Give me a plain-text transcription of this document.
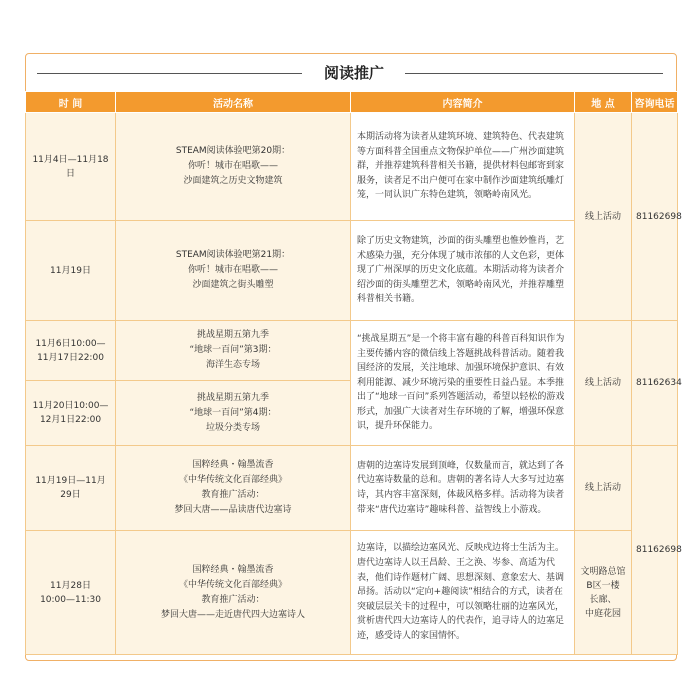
阅读推广
时 间	活动名称	内容简介	地 点	咨询电话

11月4日—11月18日	STEAM阅读体验吧第20期：
你听！城市在唱歌——
沙面建筑之历史文物建筑	本期活动将为读者从建筑环境、建筑特色、代表建筑等方面科普全国重点文物保护单位——广州沙面建筑群，并推荐建筑科普相关书籍，提供材料包邮寄到家服务，读者足不出户便可在家中制作沙面建筑纸雕灯笼，一同认识广东特色建筑，领略岭南风光。	线上活动	81162698

11月19日	STEAM阅读体验吧第21期：
你听！城市在唱歌——
沙面建筑之街头雕塑	除了历史文物建筑，沙面的街头雕塑也惟妙惟肖，艺术感染力强，充分体现了城市浓郁的人文色彩，更体现了广州深厚的历史文化底蕴。本期活动将为读者介绍沙面的街头雕塑艺术，领略岭南风光，并推荐雕塑科普相关书籍。		

11月6日10:00—
11月17日22:00	挑战星期五第九季
“地球一百问”第3期：
海洋生态专场	“挑战星期五”是一个将丰富有趣的科普百科知识作为主要传播内容的微信线上答题挑战科普活动。随着我国经济的发展，关注地球、加强环境保护意识、有效利用能源、减少环境污染的重要性日益凸显。本季推出了“地球一百问”系列答题活动，希望以轻松的游戏形式，加强广大读者对生存环境的了解，增强环保意识，提升环保能力。	线上活动	81162634

11月20日10:00—
12月1日22:00	挑战星期五第九季
“地球一百问”第4期：
垃圾分类专场			

11月19日—11月29日	国粹经典・翰墨流香
《中华传统文化百部经典》
教育推广活动：
梦回大唐——品读唐代边塞诗	唐朝的边塞诗发展到顶峰，仅数量而言，就达到了各代边塞诗数量的总和。唐朝的著名诗人大多写过边塞诗，其内容丰富深刻，体裁风格多样。活动将为读者带来“唐代边塞诗”趣味科普、益智线上小游戏。	线上活动	81162698

11月28日
10:00—11:30	国粹经典・翰墨流香
《中华传统文化百部经典》
教育推广活动：
梦回大唐——走近唐代四大边塞诗人	边塞诗，以描绘边塞风光、反映戍边将士生活为主。唐代边塞诗人以王昌龄、王之涣、岑参、高适为代表，他们诗作题材广阔、思想深刻、意象宏大、基调昂扬。活动以“定向+趣阅读”相结合的方式，读者在突破层层关卡的过程中，可以领略壮丽的边塞风光，赏析唐代四大边塞诗人的代表作，追寻诗人的边塞足迹，感受诗人的家国情怀。	文明路总馆
B区一楼
长廊、
中庭花园	
